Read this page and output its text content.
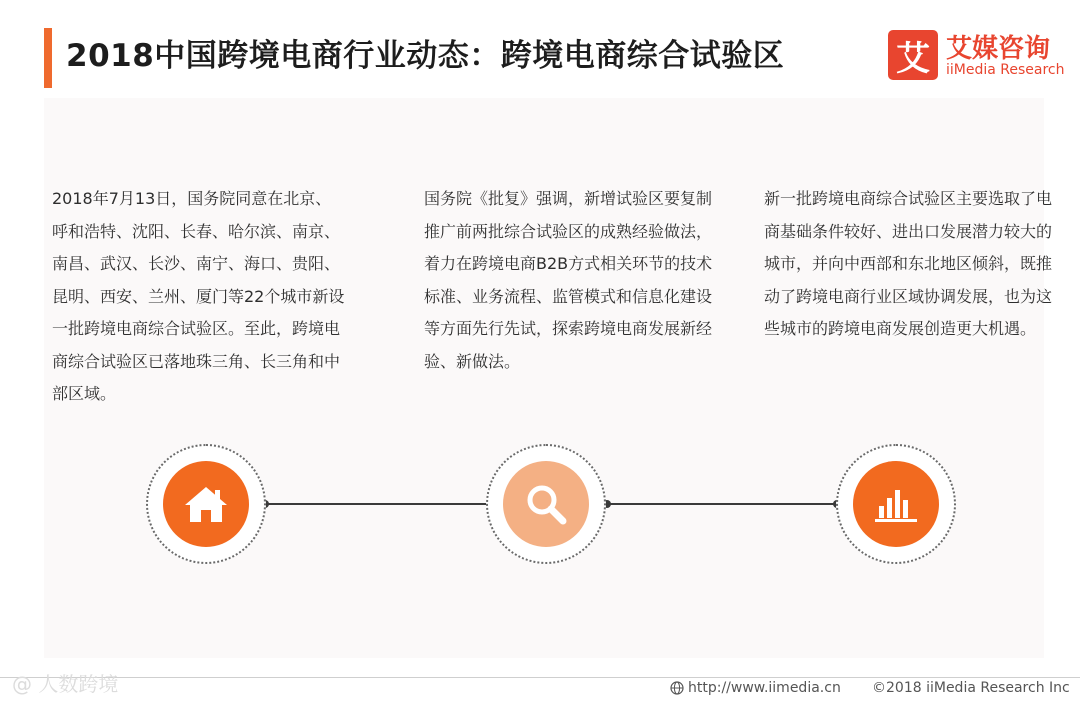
2018中国跨境电商行业动态：跨境电商综合试验区	艾 艾媒咨询
iiMedia Research
2018年7月13日，国务院同意在北京、呼和浩特、沈阳、长春、哈尔滨、南京、南昌、武汉、长沙、南宁、海口、贵阳、昆明、西安、兰州、厦门等22个城市新设一批跨境电商综合试验区。至此，跨境电商综合试验区已落地珠三角、长三角和中部区域。
国务院《批复》强调，新增试验区要复制推广前两批综合试验区的成熟经验做法，着力在跨境电商B2B方式相关环节的技术标准、业务流程、监管模式和信息化建设等方面先行先试，探索跨境电商发展新经验、新做法。
新一批跨境电商综合试验区主要选取了电商基础条件较好、进出口发展潜力较大的城市，并向中西部和东北地区倾斜，既推动了跨境电商行业区域协调发展，也为这些城市的跨境电商发展创造更大机遇。
@ 人数跨境	http://www.iimedia.cn ©2018 iiMedia Research Inc
